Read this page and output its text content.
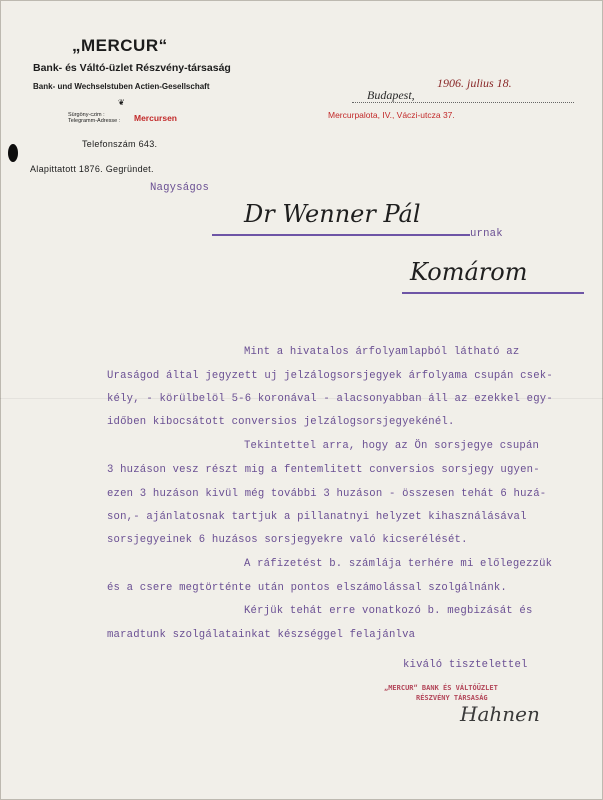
„MERCUR“
Bank- és Váltó-üzlet Részvény-társaság
Bank- und Wechselstuben Actien-Gesellschaft
❦
Sürgöny-czim :
Telegramm-Adresse : Mercursen
Telefonszám 643.
Alapittatott 1876. Gegründet.
Budapest,
1906. julius 18.
Mercurpalota, IV., Váczi-utcza 37.
Nagyságos
Dr Wenner Pál
urnak
Komárom
Mint a hivatalos árfolyamlapból látható az
Uraságod által jegyzett uj jelzálogsorsjegyek árfolyama csupán csek-
kély, - körülbelöl 5-6 koronával - alacsonyabban áll az ezekkel egy-
időben kibocsátott conversios jelzálogsorsjegyekénél.
Tekintettel arra, hogy az Ön sorsjegye csupán
3 huzáson vesz részt mig a fentemlitett conversios sorsjegy ugyen-
ezen 3 huzáson kivül még további 3 huzáson - összesen tehát 6 huzá-
son,- ajánlatosnak tartjuk a pillanatnyi helyzet kihasználásával
sorsjegyeinek 6 huzásos sorsjegyekre való kicserélését.
A ráfizetést b. számlája terhére mi előlegezzük
és a csere megtörténte után pontos elszámolással szolgálnánk.
Kérjük tehát erre vonatkozó b. megbizását és
maradtunk szolgálatainkat készséggel felajánlva
kiváló tisztelettel
„MERCUR“ BANK ÉS VÁLTÓÜZLET
RÉSZVÉNY TÁRSASÁG
Hahnen
